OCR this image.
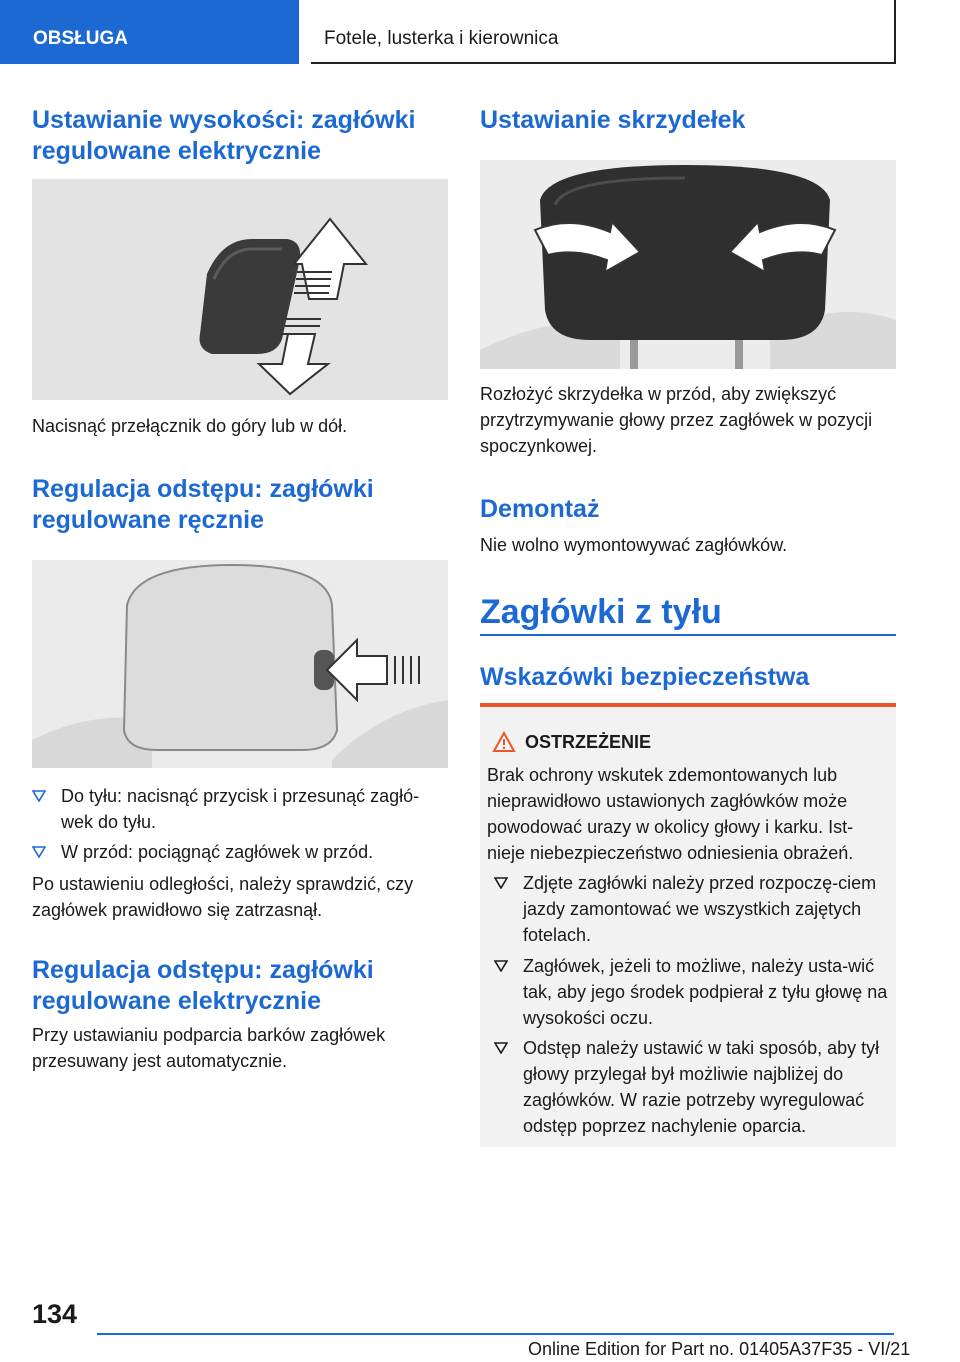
OBSŁUGA	Fotele, lusterka i kierownica
Ustawianie wysokości: zagłówki regulowane elektrycznie

Nacisnąć przełącznik do góry lub w dół.

Regulacja odstępu: zagłówki regulowane ręcznie
Do tyłu: nacisnąć przycisk i przesunąć zagłó-wek do tyłu.
W przód: pociągnąć zagłówek w przód.

Po ustawieniu odległości, należy sprawdzić, czy zagłówek prawidłowo się zatrzasnął.

Regulacja odstępu: zagłówki regulowane elektrycznie

Przy ustawianiu podparcia barków zagłówek przesuwany jest automatycznie.

Ustawianie skrzydełek

Rozłożyć skrzydełka w przód, aby zwiększyć przytrzymywanie głowy przez zagłówek w pozycji spoczynkowej.

Demontaż

Nie wolno wymontowywać zagłówków.

Zagłówki z tyłu
Wskazówki bezpieczeństwa
OSTRZEŻENIE

Brak ochrony wskutek zdemontowanych lub nieprawidłowo ustawionych zagłówków może powodować urazy w okolicy głowy i karku. Ist-nieje niebezpieczeństwo odniesienia obrażeń.

Zdjęte zagłówki należy przed rozpoczę-ciem jazdy zamontować we wszystkich zajętych fotelach.
Zagłówek, jeżeli to możliwe, należy usta-wić tak, aby jego środek podpierał z tyłu głowę na wysokości oczu.
Odstęp należy ustawić w taki sposób, aby tył głowy przylegał był możliwie najbliżej do zagłówków. W razie potrzeby wyregulować odstęp poprzez nachylenie oparcia.
134
Online Edition for Part no. 01405A37F35 - VI/21
